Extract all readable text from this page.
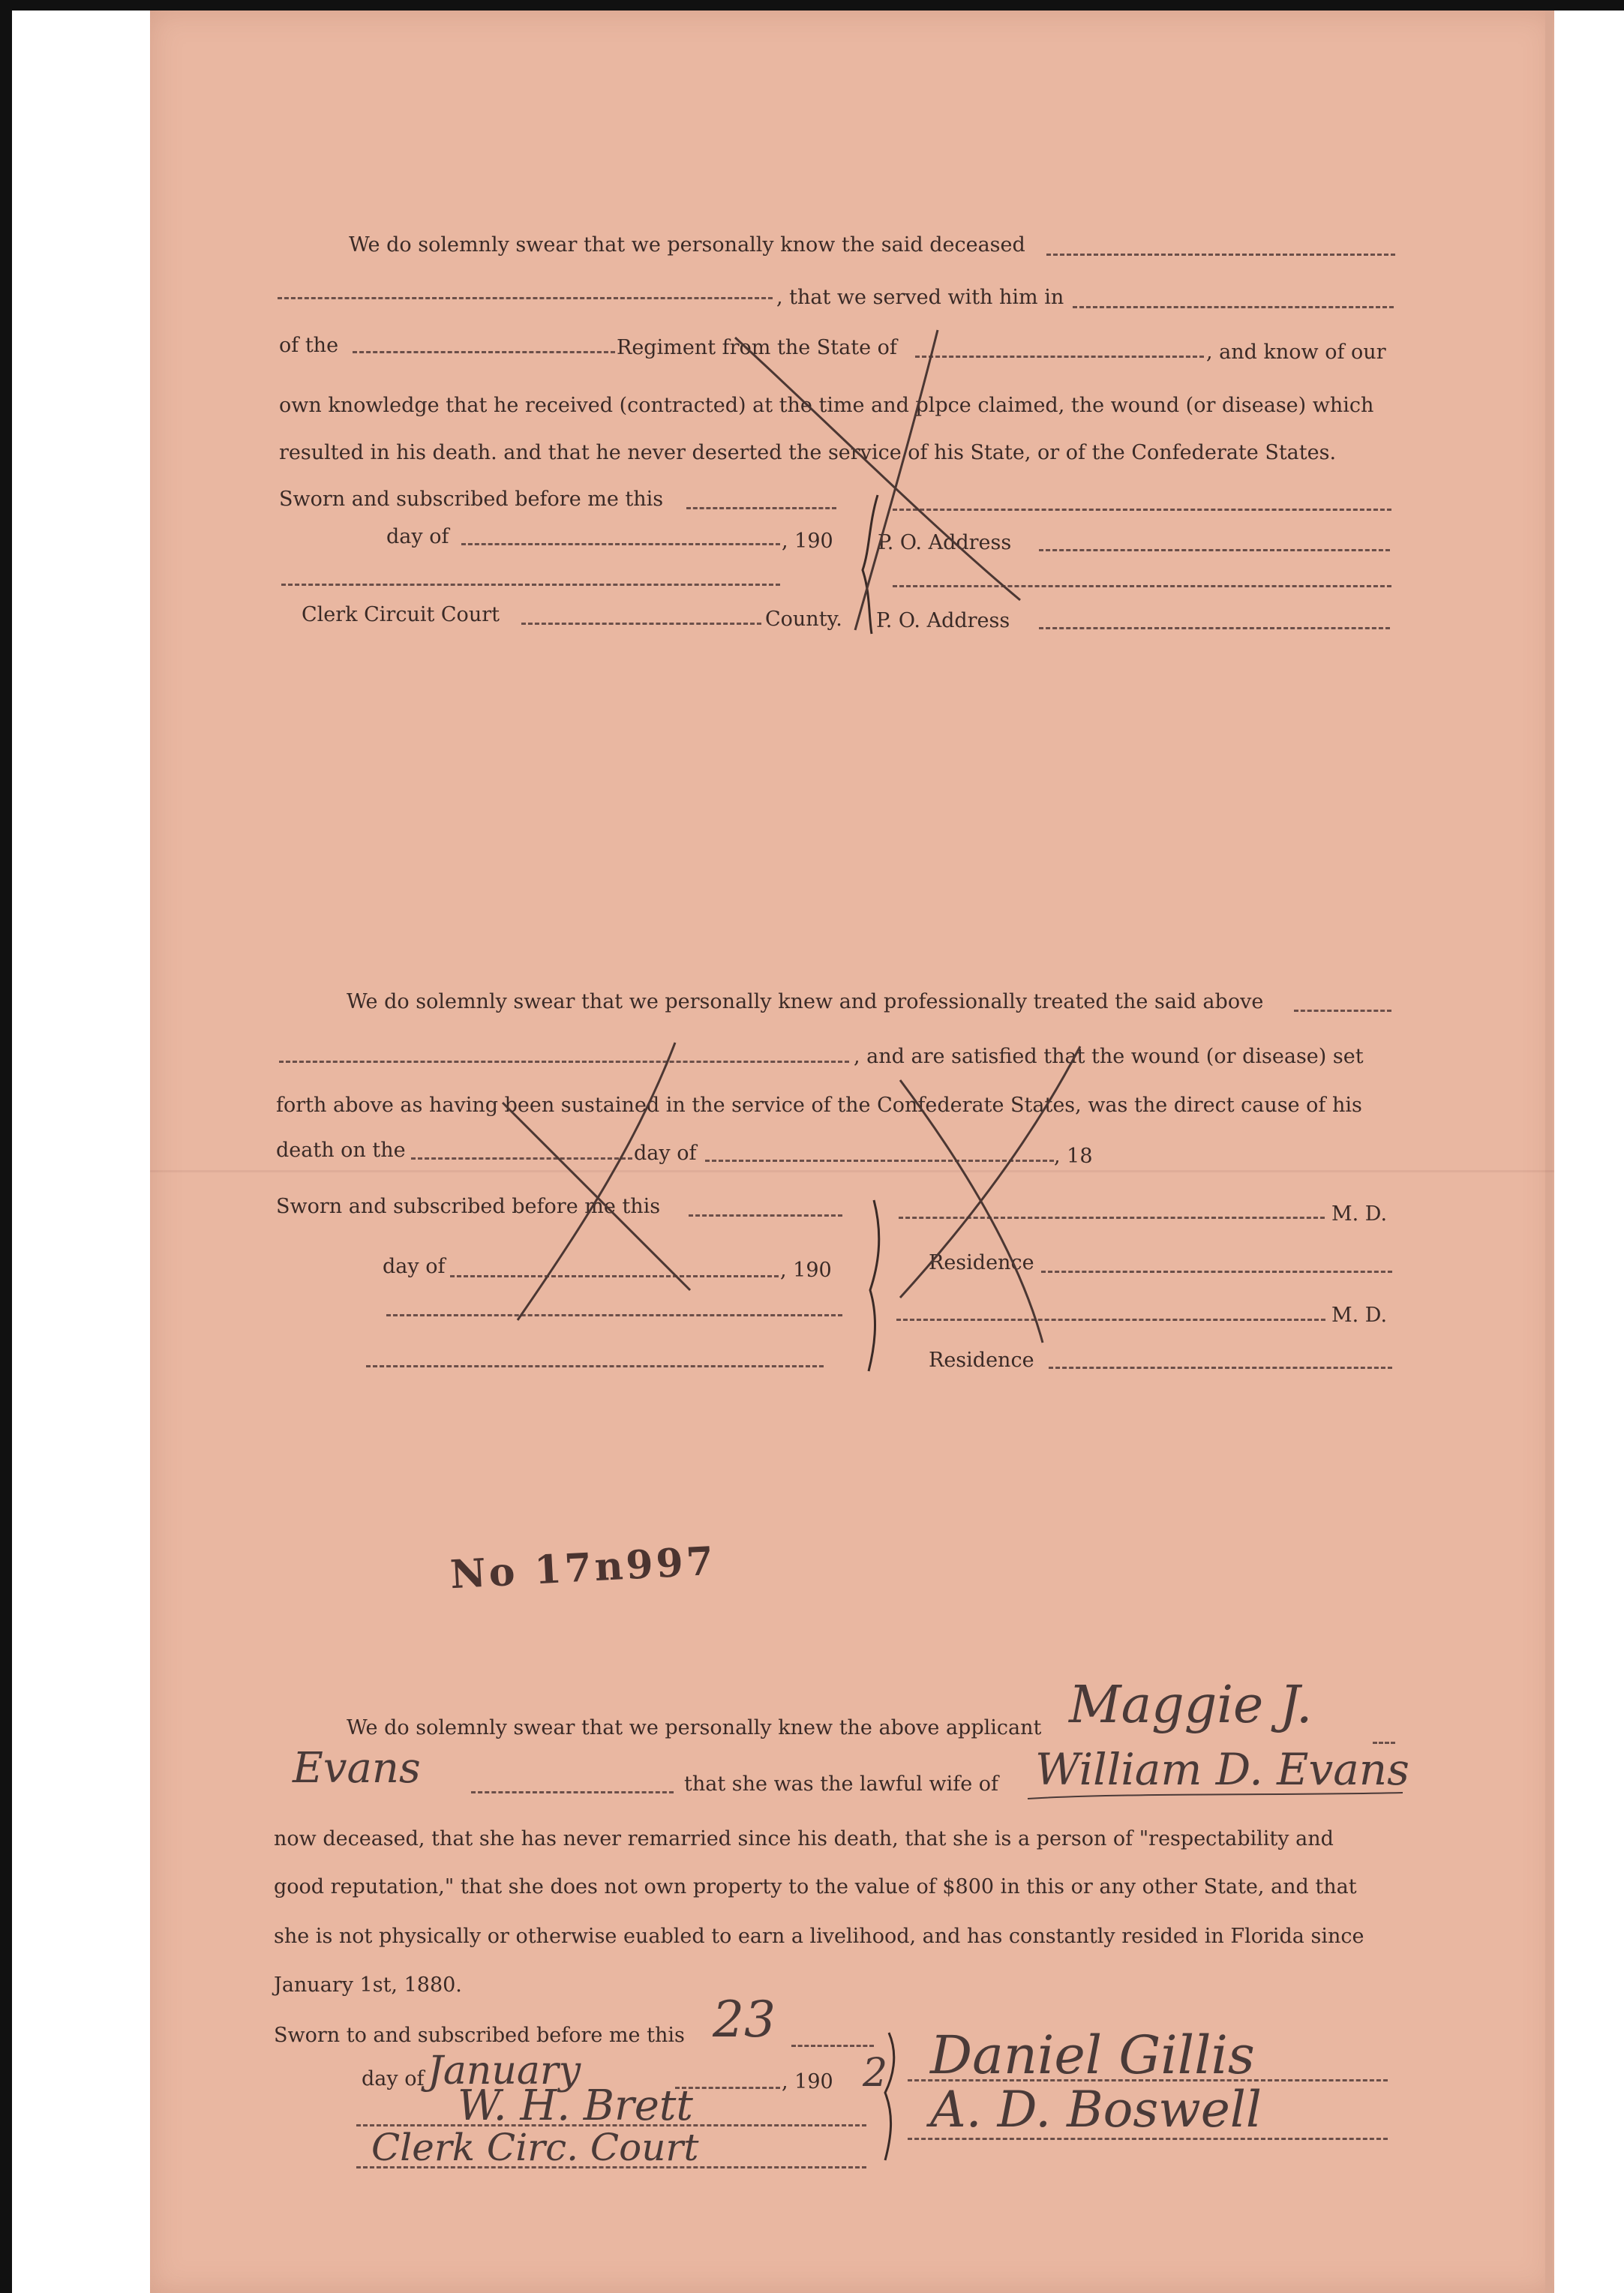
We do solemnly swear that we personally know the said deceased
, that we served with him in
of the	Regiment from the State of	, and know of our
own knowledge that he received (contracted) at the time and plpce claimed, the wound (or disease) which
resulted in his death. and that he never deserted the service of his State, or of the Confederate States.
Sworn and subscribed before me this
day of	, 190 P. O. Address
Clerk Circuit Court	County. P. O. Address
We do solemnly swear that we personally knew and professionally treated the said above
, and are satisfied that the wound (or disease) set
forth above as having been sustained in the service of the Confederate States, was the direct cause of his
death on the	day of	, 18
Sworn and subscribed before me this	M. D.
day of	, 190	Residence
M. D.
Residence
No 17n997
We do solemnly swear that we personally knew the above applicant Maggie J.
Evans	that she was the lawful wife of William D. Evans
now deceased, that she has never remarried since his death, that she is a person of "respectability and
good reputation," that she does not own property to the value of $800 in this or any other State, and that
she is not physically or otherwise euabled to earn a livelihood, and has constantly resided in Florida since
January 1st, 1880.
Sworn to and subscribed before me this 23
day of January	, 190 2
W. H. Brett
Clerk Circ. Court
Daniel Gillis
A. D. Boswell
